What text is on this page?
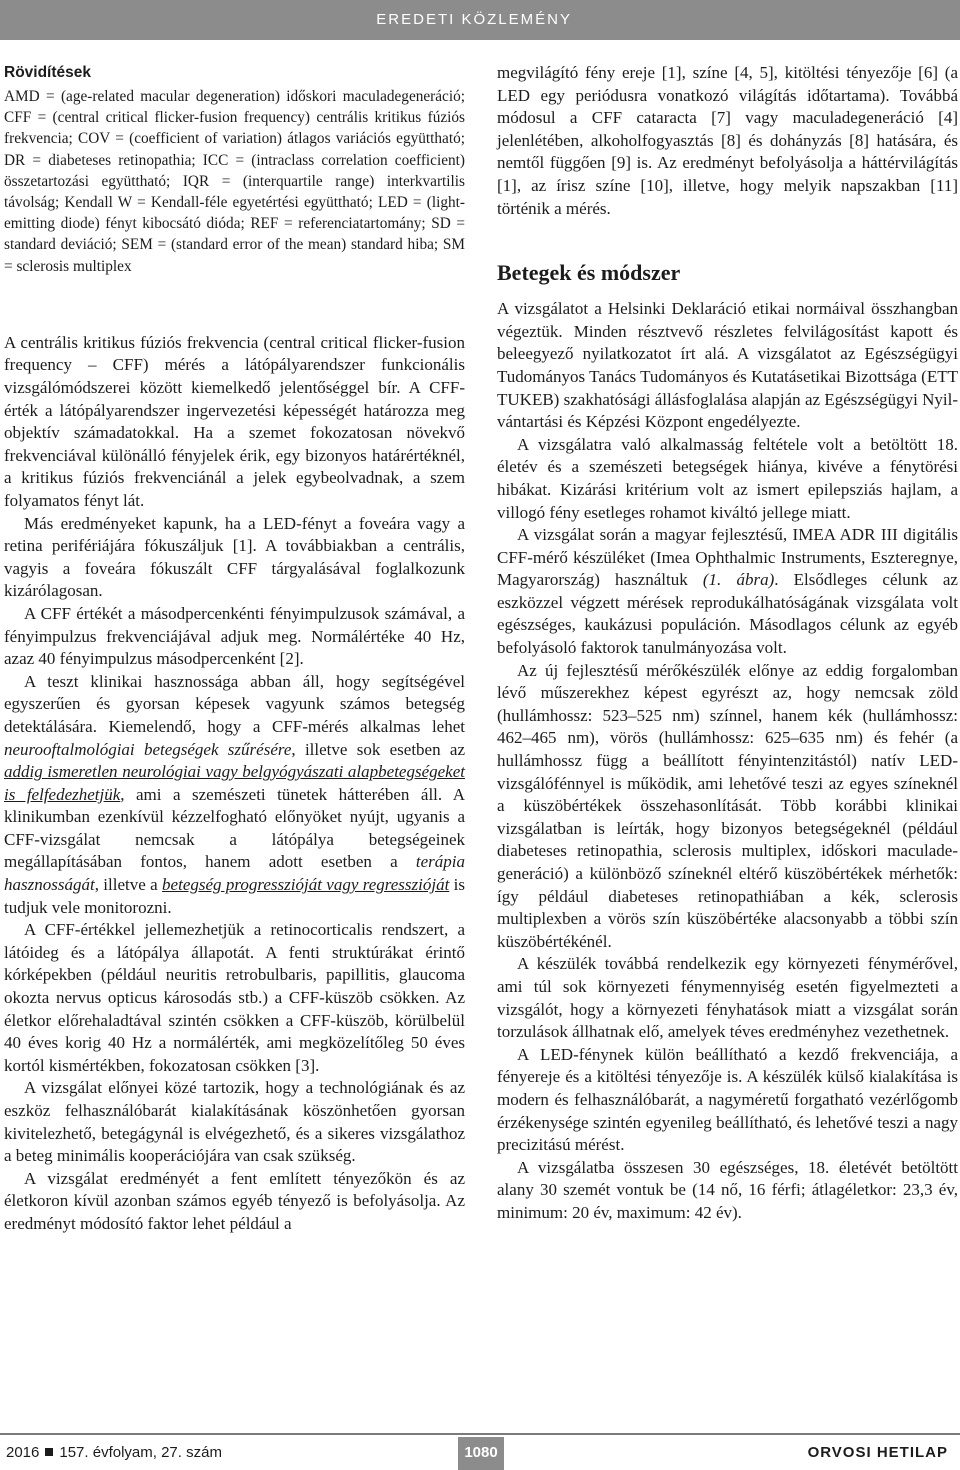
EREDETI KÖZLEMÉNY
Rövidítések

AMD = (age-related macular degeneration) időskori maculadegeneráció; CFF = (central critical flicker-fusion frequency) centrális kritikus fúziós frekvencia; COV = (coefficient of variation) átlagos variációs együttható; DR = diabeteses retinopathia; ICC = (intraclass correlation coefficient) összetartozási együttható; IQR = (interquartile range) interkvartilis távolság; Kendall W = Kendall-féle egyetértési együttható; LED = (light-emitting diode) fényt kibocsátó dióda; REF = referenciatartomány; SD = standard deviáció; SEM = (standard error of the mean) standard hiba; SM = sclerosis multiplex

A centrális kritikus fúziós frekvencia (central critical flicker-fusion frequency – CFF) mérés a látópályarendszer funkcionális vizsgálómódszerei között kiemelkedő jelentőséggel bír. A CFF-érték a látópályarendszer ingervezetési képességét határozza meg objektív számadatokkal. Ha a szemet fokozatosan növekvő frekvenciával különálló fényjelek érik, egy bizonyos határértéknél, a kritikus fúziós frekvenciánál a jelek egybeolvadnak, a szem folyamatos fényt lát.

Más eredményeket kapunk, ha a LED-fényt a foveára vagy a retina perifériájára fókuszáljuk [1]. A továbbiakban a centrális, vagyis a foveára fókuszált CFF tárgyalásával foglalkozunk kizárólagosan.

A CFF értékét a másodpercenkénti fényimpulzusok számával, a fényimpulzus frekvenciájával adjuk meg. Normálértéke 40 Hz, azaz 40 fényimpulzus másodpercenként [2].

A teszt klinikai hasznossága abban áll, hogy segítségével egyszerűen és gyorsan képesek vagyunk számos betegség detektálására. Kiemelendő, hogy a CFF-mérés alkalmas lehet neurooftalmológiai betegségek szűrésére, illetve sok esetben az addig ismeretlen neurológiai vagy belgyógyászati alapbetegségeket is felfedezhetjük, ami a szemészeti tünetek hátterében áll. A klinikumban ezenkívül kézzelfogható előnyöket nyújt, ugyanis a CFF-vizsgálat nemcsak a látópálya betegségeinek megállapításában fontos, hanem adott esetben a terápia hasznosságát, illetve a betegség progresszióját vagy regresszióját is tudjuk vele monitorozni.

A CFF-értékkel jellemezhetjük a retinocorticalis rendszert, a látóideg és a látópálya állapotát. A fenti struktúrákat érintő kórképekben (például neuritis retrobulbaris, papillitis, glaucoma okozta nervus opticus károsodás stb.) a CFF-küszöb csökken. Az életkor előrehaladtával szintén csökken a CFF-küszöb, körülbelül 40 éves korig 40 Hz a normálérték, ami megközelítőleg 50 éves kortól kismértékben, fokozatosan csökken [3].

A vizsgálat előnyei közé tartozik, hogy a technológiának és az eszköz felhasználóbarát kialakításának köszönhetően gyorsan kivitelezhető, betegágynál is elvégezhető, és a sikeres vizsgálathoz a beteg minimális kooperációjára van csak szükség.

A vizsgálat eredményét a fent említett tényezőkön és az életkoron kívül azonban számos egyéb tényező is befolyásolja. Az eredményt módosító faktor lehet például a

megvilágító fény ereje [1], színe [4, 5], kitöltési tényezője [6] (a LED egy periódusra vonatkozó világítás időtartama). Továbbá módosul a CFF cataracta [7] vagy maculadegeneráció [4] jelenlétében, alkoholfogyasztás [8] és dohányzás [8] hatására, és nemtől függően [9] is. Az eredményt befolyásolja a háttérvilágítás [1], az írisz színe [10], illetve, hogy melyik napszakban [11] történik a mérés.

Betegek és módszer

A vizsgálatot a Helsinki Deklaráció etikai normáival összhangban végeztük. Minden résztvevő részletes felvilágosítást kapott és beleegyező nyilatkozatot írt alá. A vizsgálatot az Egészségügyi Tudományos Tanács Tudományos és Kutatásetikai Bizottsága (ETT TUKEB) szakhatósági állásfoglalása alapján az Egészségügyi Nyilvántartási és Képzési Központ engedélyezte.

A vizsgálatra való alkalmasság feltétele volt a betöltött 18. életév és a szemészeti betegségek hiánya, kivéve a fénytörési hibákat. Kizárási kritérium volt az ismert epilepsziás hajlam, a villogó fény esetleges rohamot kiváltó jellege miatt.

A vizsgálat során a magyar fejlesztésű, IMEA ADR III digitális CFF-mérő készüléket (Imea Ophthalmic Instruments, Eszteregnye, Magyarország) használtuk (1. ábra). Elsődleges célunk az eszközzel végzett mérések reprodukálhatóságának vizsgálata volt egészséges, kaukázusi populáción. Másodlagos célunk az egyéb befolyásoló faktorok tanulmányozása volt.

Az új fejlesztésű mérőkészülék előnye az eddig forgalomban lévő műszerekhez képest egyrészt az, hogy nemcsak zöld (hullámhossz: 523–525 nm) színnel, hanem kék (hullámhossz: 462–465 nm), vörös (hullámhossz: 625–635 nm) és fehér (a hullámhossz függ a beállított fényintenzitástól) natív LED-vizsgálófénnyel is működik, ami lehetővé teszi az egyes színeknél a küszöbértékek összehasonlítását. Több korábbi klinikai vizsgálatban is leírták, hogy bizonyos betegségeknél (például diabeteses retinopathia, sclerosis multiplex, időskori maculadegeneráció) a különböző színeknél eltérő küszöbértékek mérhetők: így például diabeteses retinopathiában a kék, sclerosis multiplexben a vörös szín küszöbértéke alacsonyabb a többi szín küszöbértékénél.

A készülék továbbá rendelkezik egy környezeti fénymérővel, ami túl sok környezeti fénymennyiség esetén figyelmezteti a vizsgálót, hogy a környezeti fényhatások miatt a vizsgálat során torzulások állhatnak elő, amelyek téves eredményhez vezethetnek.

A LED-fénynek külön beállítható a kezdő frekvenciája, a fényereje és a kitöltési tényezője is. A készülék külső kialakítása is modern és felhasználóbarát, a nagyméretű forgatható vezérlőgomb érzékenysége szintén egyenileg beállítható, és lehetővé teszi a nagy precizitású mérést.

A vizsgálatba összesen 30 egészséges, 18. életévét betöltött alany 30 szemét vontuk be (14 nő, 16 férfi; átlagéletkor: 23,3 év, minimum: 20 év, maximum: 42 év).

2016 157. évfolyam, 27. szám	1080	ORVOSI HETILAP
